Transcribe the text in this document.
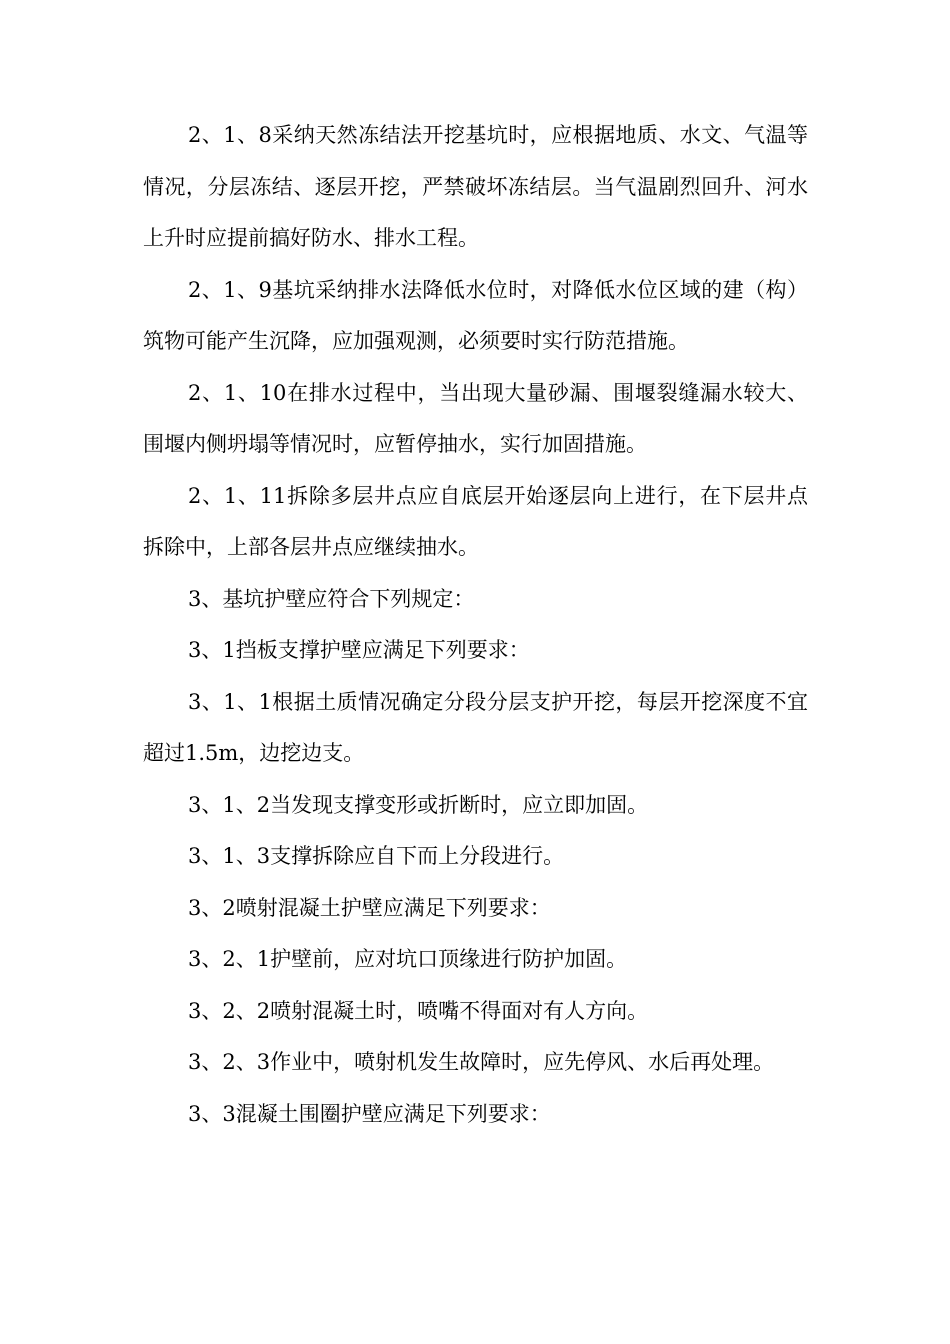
2、1、8采纳天然冻结法开挖基坑时，应根据地质、水文、气温等情况，分层冻结、逐层开挖，严禁破坏冻结层。当气温剧烈回升、河水上升时应提前搞好防水、排水工程。

2、1、9基坑采纳排水法降低水位时，对降低水位区域的建（构）筑物可能产生沉降，应加强观测，必须要时实行防范措施。

2、1、10在排水过程中，当出现大量砂漏、围堰裂缝漏水较大、围堰内侧坍塌等情况时，应暂停抽水，实行加固措施。

2、1、11拆除多层井点应自底层开始逐层向上进行，在下层井点拆除中，上部各层井点应继续抽水。

3、基坑护壁应符合下列规定：

3、1挡板支撑护壁应满足下列要求：

3、1、1根据土质情况确定分段分层支护开挖，每层开挖深度不宜超过1.5m，边挖边支。

3、1、2当发现支撑变形或折断时，应立即加固。

3、1、3支撑拆除应自下而上分段进行。

3、2喷射混凝土护壁应满足下列要求：

3、2、1护壁前，应对坑口顶缘进行防护加固。

3、2、2喷射混凝土时，喷嘴不得面对有人方向。

3、2、3作业中，喷射机发生故障时，应先停风、水后再处理。

3、3混凝土围圈护壁应满足下列要求：
